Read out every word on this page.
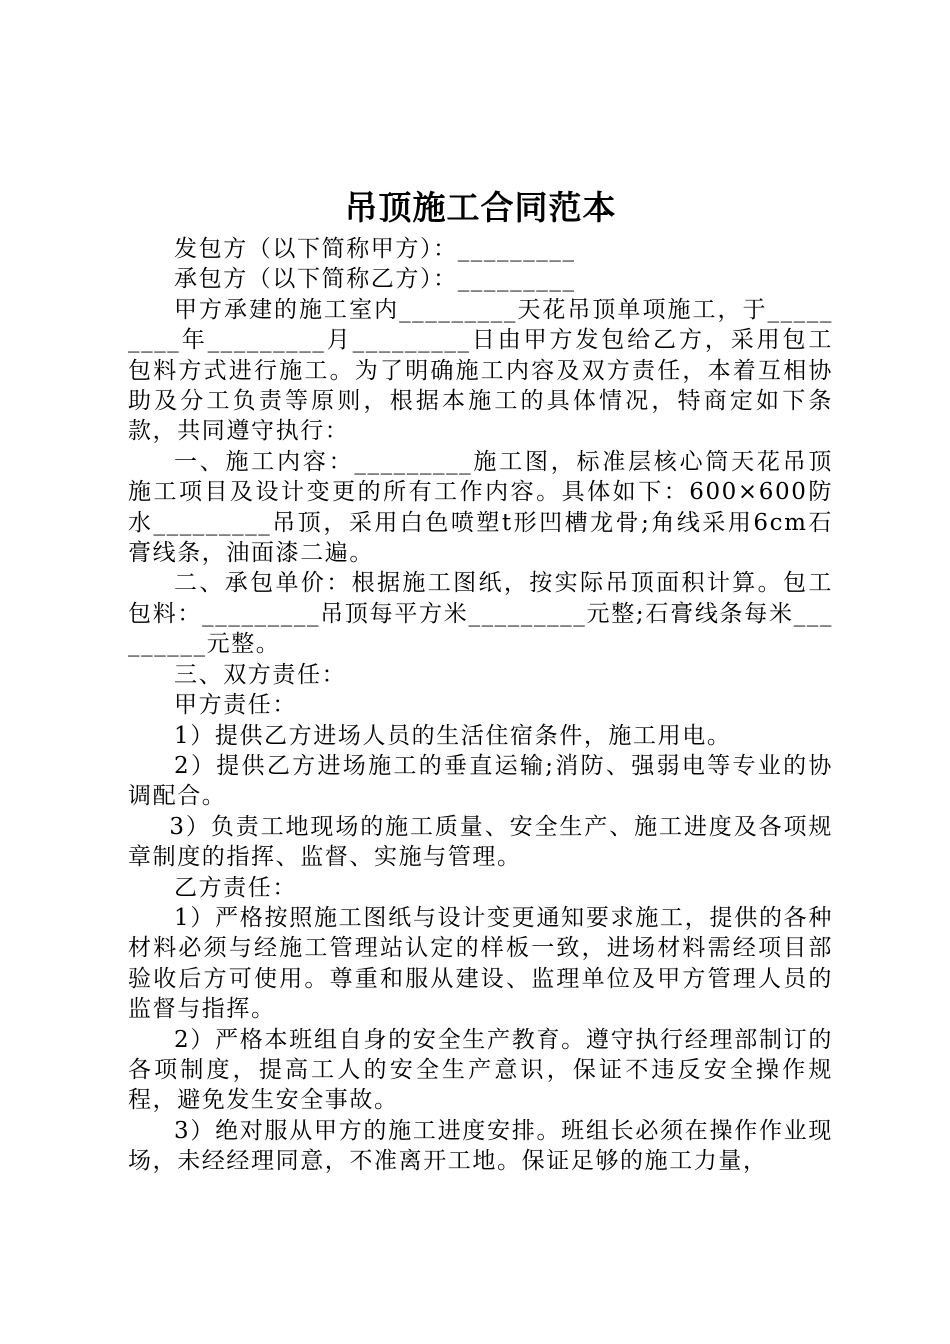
吊顶施工合同范本

发包方（以下简称甲方）：_________

承包方（以下简称乙方）：_________

甲方承建的施工室内_________天花吊顶单项施工，于_________年_________月_________日由甲方发包给乙方，采用包工包料方式进行施工。为了明确施工内容及双方责任，本着互相协助及分工负责等原则，根据本施工的具体情况，特商定如下条款，共同遵守执行：

一、施工内容：_________施工图，标准层核心筒天花吊顶施工项目及设计变更的所有工作内容。具体如下：600×600防水_________吊顶，采用白色喷塑t形凹槽龙骨;角线采用6cm石膏线条，油面漆二遍。

二、承包单价：根据施工图纸，按实际吊顶面积计算。包工包料：_________吊顶每平方米_________元整;石膏线条每米_________元整。

三、双方责任：

甲方责任：

1）提供乙方进场人员的生活住宿条件，施工用电。

2）提供乙方进场施工的垂直运输;消防、强弱电等专业的协调配合。

3）负责工地现场的施工质量、安全生产、施工进度及各项规章制度的指挥、监督、实施与管理。

乙方责任：

1）严格按照施工图纸与设计变更通知要求施工，提供的各种材料必须与经施工管理站认定的样板一致，进场材料需经项目部验收后方可使用。尊重和服从建设、监理单位及甲方管理人员的监督与指挥。

2）严格本班组自身的安全生产教育。遵守执行经理部制订的各项制度，提高工人的安全生产意识，保证不违反安全操作规程，避免发生安全事故。

3）绝对服从甲方的施工进度安排。班组长必须在操作作业现场，未经经理同意，不准离开工地。保证足够的施工力量，
